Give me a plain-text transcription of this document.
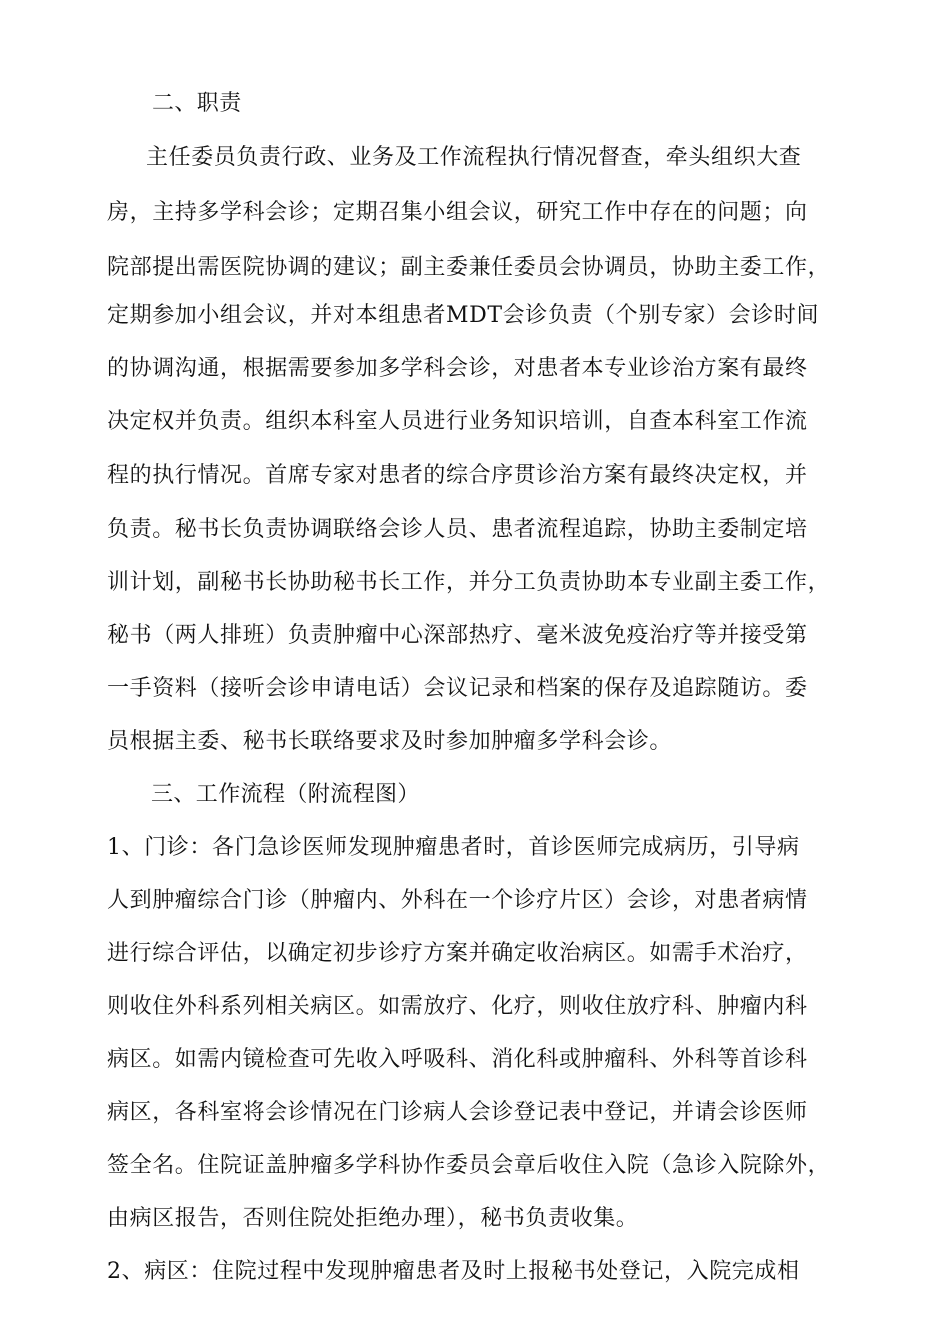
二、职责
主任委员负责行政、业务及工作流程执行情况督查，牵头组织大查
房，主持多学科会诊；定期召集小组会议，研究工作中存在的问题；向
院部提出需医院协调的建议；副主委兼任委员会协调员，协助主委工作，
定期参加小组会议，并对本组患者MDT会诊负责（个别专家）会诊时间
的协调沟通，根据需要参加多学科会诊，对患者本专业诊治方案有最终
决定权并负责。组织本科室人员进行业务知识培训，自查本科室工作流
程的执行情况。首席专家对患者的综合序贯诊治方案有最终决定权，并
负责。秘书长负责协调联络会诊人员、患者流程追踪，协助主委制定培
训计划，副秘书长协助秘书长工作，并分工负责协助本专业副主委工作，
秘书（两人排班）负责肿瘤中心深部热疗、毫米波免疫治疗等并接受第
一手资料（接听会诊申请电话）会议记录和档案的保存及追踪随访。委
员根据主委、秘书长联络要求及时参加肿瘤多学科会诊。
三、工作流程（附流程图）
1、门诊：各门急诊医师发现肿瘤患者时，首诊医师完成病历，引导病
人到肿瘤综合门诊（肿瘤内、外科在一个诊疗片区）会诊，对患者病情
进行综合评估，以确定初步诊疗方案并确定收治病区。如需手术治疗，
则收住外科系列相关病区。如需放疗、化疗，则收住放疗科、肿瘤内科
病区。如需内镜检查可先收入呼吸科、消化科或肿瘤科、外科等首诊科
病区，各科室将会诊情况在门诊病人会诊登记表中登记，并请会诊医师
签全名。住院证盖肿瘤多学科协作委员会章后收住入院（急诊入院除外，
由病区报告，否则住院处拒绝办理），秘书负责收集。
2、病区：住院过程中发现肿瘤患者及时上报秘书处登记，入院完成相
